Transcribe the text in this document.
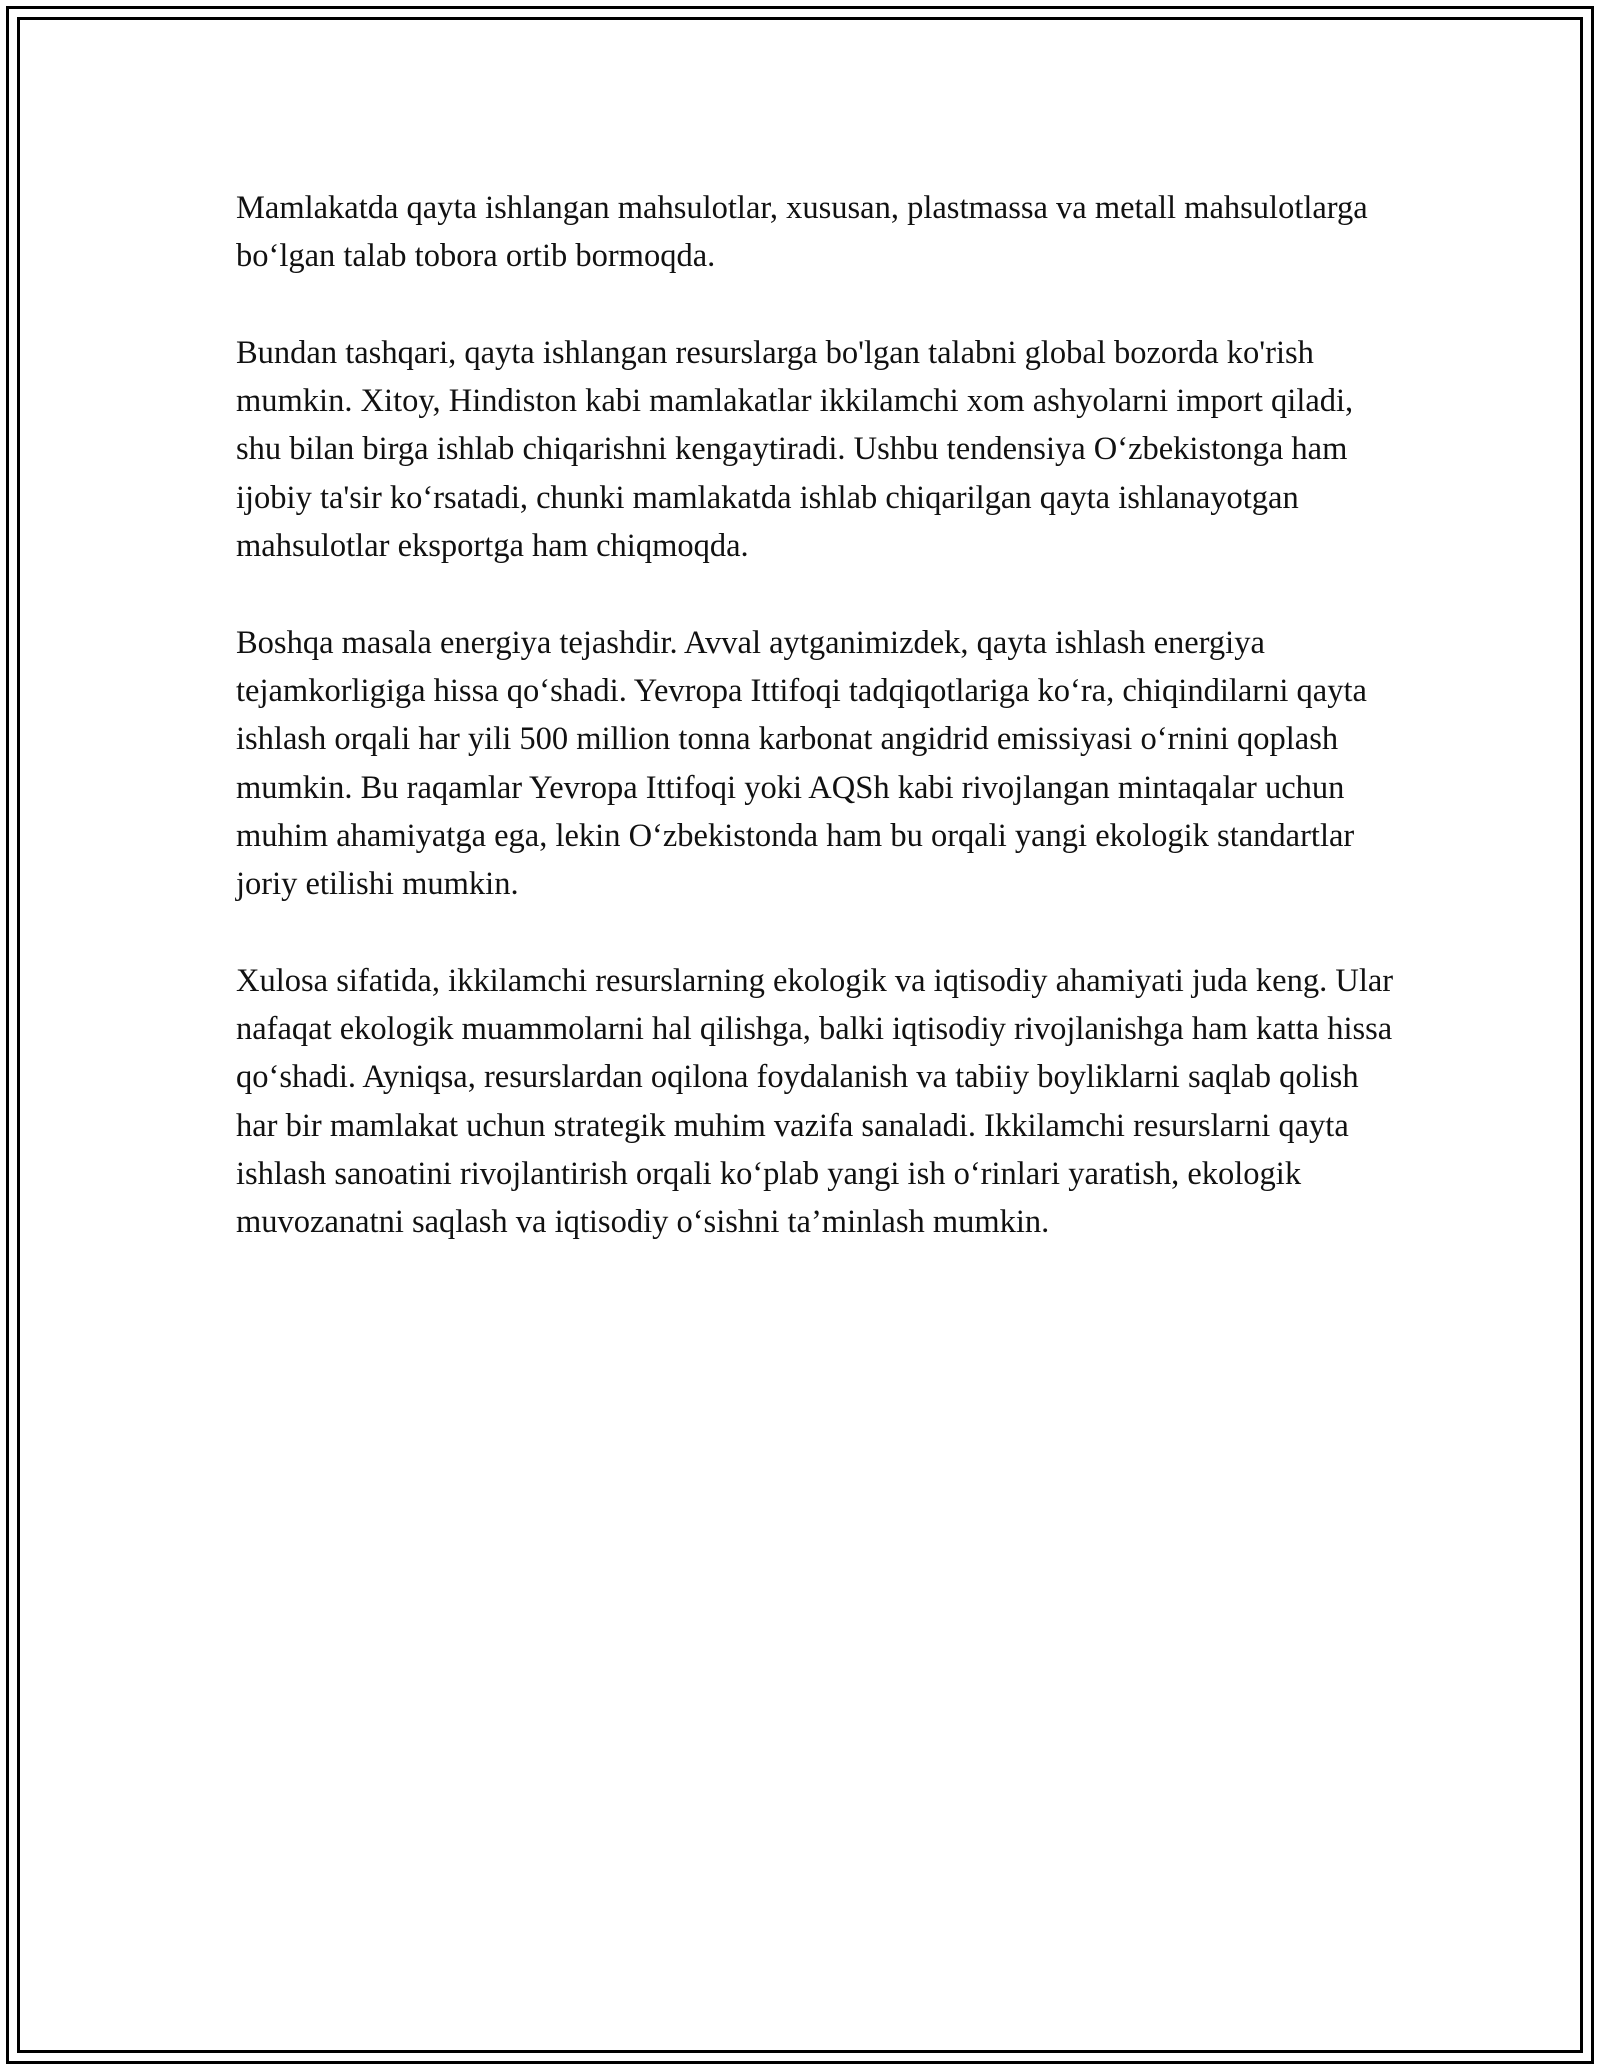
Mamlakatda qayta ishlangan mahsulotlar, xususan, plastmassa va metall mahsulotlarga bo‘lgan talab tobora ortib bormoqda.

Bundan tashqari, qayta ishlangan resurslarga bo'lgan talabni global bozorda ko'rish mumkin. Xitoy, Hindiston kabi mamlakatlar ikkilamchi xom ashyolarni import qiladi, shu bilan birga ishlab chiqarishni kengaytiradi. Ushbu tendensiya O‘zbekistonga ham ijobiy ta'sir ko‘rsatadi, chunki mamlakatda ishlab chiqarilgan qayta ishlanayotgan mahsulotlar eksportga ham chiqmoqda.

Boshqa masala energiya tejashdir. Avval aytganimizdek, qayta ishlash energiya tejamkorligiga hissa qo‘shadi. Yevropa Ittifoqi tadqiqotlariga ko‘ra, chiqindilarni qayta ishlash orqali har yili 500 million tonna karbonat angidrid emissiyasi o‘rnini qoplash mumkin. Bu raqamlar Yevropa Ittifoqi yoki AQSh kabi rivojlangan mintaqalar uchun muhim ahamiyatga ega, lekin O‘zbekistonda ham bu orqali yangi ekologik standartlar joriy etilishi mumkin.

Xulosa sifatida, ikkilamchi resurslarning ekologik va iqtisodiy ahamiyati juda keng. Ular nafaqat ekologik muammolarni hal qilishga, balki iqtisodiy rivojlanishga ham katta hissa qo‘shadi. Ayniqsa, resurslardan oqilona foydalanish va tabiiy boyliklarni saqlab qolish har bir mamlakat uchun strategik muhim vazifa sanaladi. Ikkilamchi resurslarni qayta ishlash sanoatini rivojlantirish orqali ko‘plab yangi ish o‘rinlari yaratish, ekologik muvozanatni saqlash va iqtisodiy o‘sishni ta’minlash mumkin.
